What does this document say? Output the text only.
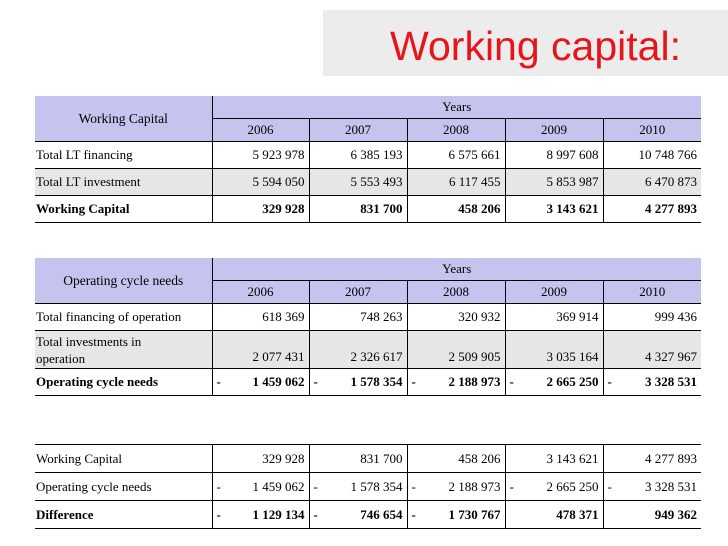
Working capital:
Working Capital	Years				
	2006	2007	2008	2009	2010
Total LT financing	5 923 978	6 385 193	6 575 661	8 997 608	10 748 766
Total LT investment	5 594 050	5 553 493	6 117 455	5 853 987	6 470 873
Working Capital	329 928	831 700	458 206	3 143 621	4 277 893
Operating cycle needs	Years				
	2006	2007	2008	2009	2010
Total financing of operation	618 369	748 263	320 932	369 914	999 436
Total investments in
operation	2 077 431	2 326 617	2 509 905	3 035 164	4 327 967
Operating cycle needs	- 1 459 062	- 1 578 354	- 2 188 973	- 2 665 250	- 3 328 531
Working Capital	329 928	831 700	458 206	3 143 621	4 277 893
Operating cycle needs	- 1 459 062	- 1 578 354	- 2 188 973	- 2 665 250	- 3 328 531
Difference	- 1 129 134	- 746 654	- 1 730 767	478 371	949 362
